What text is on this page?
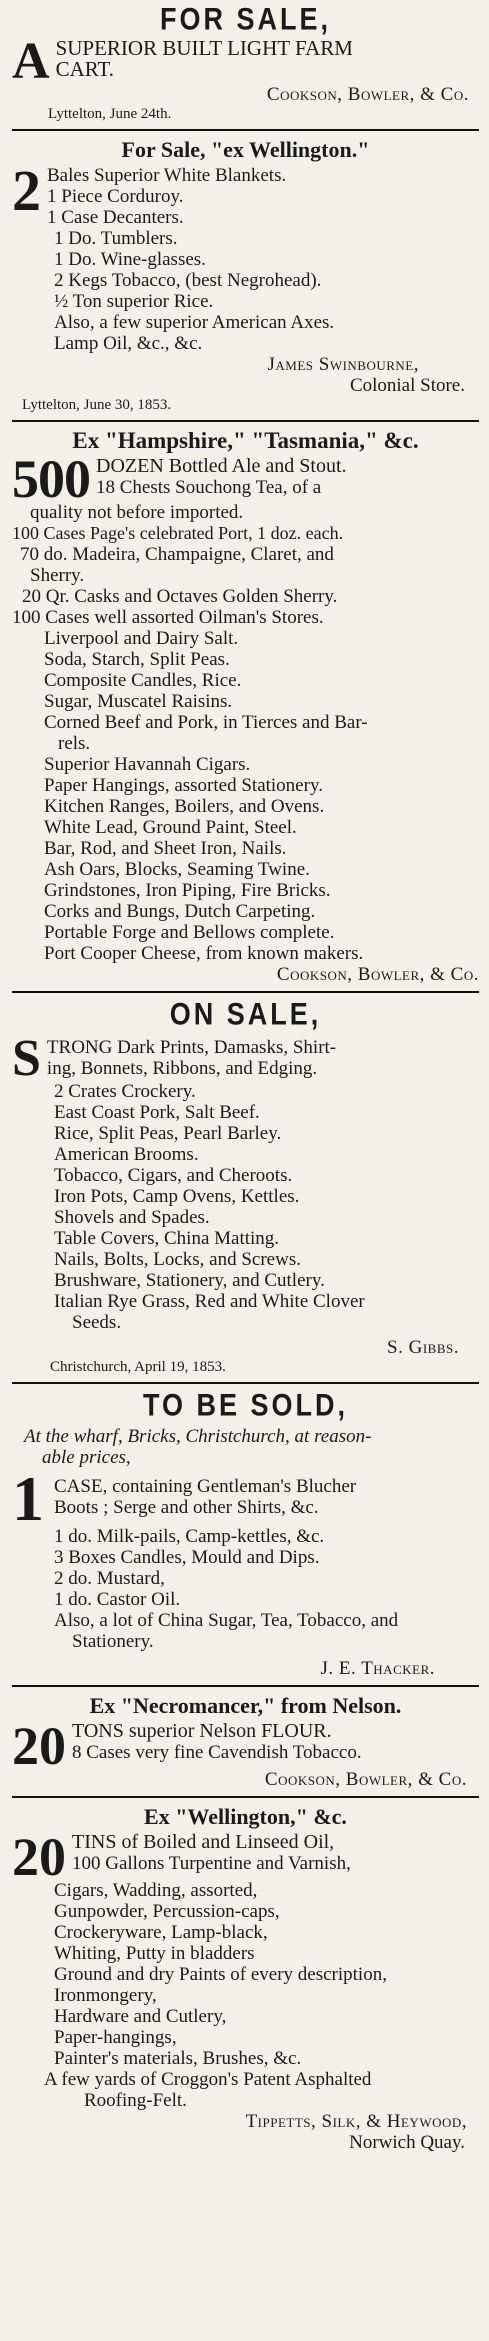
FOR SALE,
A SUPERIOR BUILT LIGHT FARM
CART.
Cookson, Bowler, & Co.
Lyttelton, June 24th.
For Sale, "ex Wellington."
2 Bales Superior White Blankets.
1 Piece Corduroy.
1 Case Decanters.
1 Do. Tumblers.
1 Do. Wine-glasses.
2 Kegs Tobacco, (best Negrohead).
½ Ton superior Rice.
Also, a few superior American Axes.
Lamp Oil, &c., &c.
James Swinbourne,
Colonial Store.
Lyttelton, June 30, 1853.
Ex "Hampshire," "Tasmania," &c.
500 DOZEN Bottled Ale and Stout.
18 Chests Souchong Tea, of a
quality not before imported.
100 Cases Page's celebrated Port, 1 doz. each.
70 do. Madeira, Champaigne, Claret, and
Sherry.
20 Qr. Casks and Octaves Golden Sherry.
100 Cases well assorted Oilman's Stores.
Liverpool and Dairy Salt.
Soda, Starch, Split Peas.
Composite Candles, Rice.
Sugar, Muscatel Raisins.
Corned Beef and Pork, in Tierces and Bar-
rels.
Superior Havannah Cigars.
Paper Hangings, assorted Stationery.
Kitchen Ranges, Boilers, and Ovens.
White Lead, Ground Paint, Steel.
Bar, Rod, and Sheet Iron, Nails.
Ash Oars, Blocks, Seaming Twine.
Grindstones, Iron Piping, Fire Bricks.
Corks and Bungs, Dutch Carpeting.
Portable Forge and Bellows complete.
Port Cooper Cheese, from known makers.
Cookson, Bowler, & Co.
ON SALE,
S TRONG Dark Prints, Damasks, Shirt-
ing, Bonnets, Ribbons, and Edging.
2 Crates Crockery.
East Coast Pork, Salt Beef.
Rice, Split Peas, Pearl Barley.
American Brooms.
Tobacco, Cigars, and Cheroots.
Iron Pots, Camp Ovens, Kettles.
Shovels and Spades.
Table Covers, China Matting.
Nails, Bolts, Locks, and Screws.
Brushware, Stationery, and Cutlery.
Italian Rye Grass, Red and White Clover
Seeds.
S. Gibbs.
Christchurch, April 19, 1853.
TO BE SOLD,
At the wharf, Bricks, Christchurch, at reason-
able prices,
1 CASE, containing Gentleman's Blucher
Boots ; Serge and other Shirts, &c.
1 do. Milk-pails, Camp-kettles, &c.
3 Boxes Candles, Mould and Dips.
2 do. Mustard,
1 do. Castor Oil.
Also, a lot of China Sugar, Tea, Tobacco, and
Stationery.
J. E. Thacker.
Ex "Necromancer," from Nelson.
20 TONS superior Nelson FLOUR.
8 Cases very fine Cavendish Tobacco.
Cookson, Bowler, & Co.
Ex "Wellington," &c.
20 TINS of Boiled and Linseed Oil,
100 Gallons Turpentine and Varnish,
Cigars, Wadding, assorted,
Gunpowder, Percussion-caps,
Crockeryware, Lamp-black,
Whiting, Putty in bladders
Ground and dry Paints of every description,
Ironmongery,
Hardware and Cutlery,
Paper-hangings,
Painter's materials, Brushes, &c.
A few yards of Croggon's Patent Asphalted
Roofing-Felt.
Tippetts, Silk, & Heywood,
Norwich Quay.
